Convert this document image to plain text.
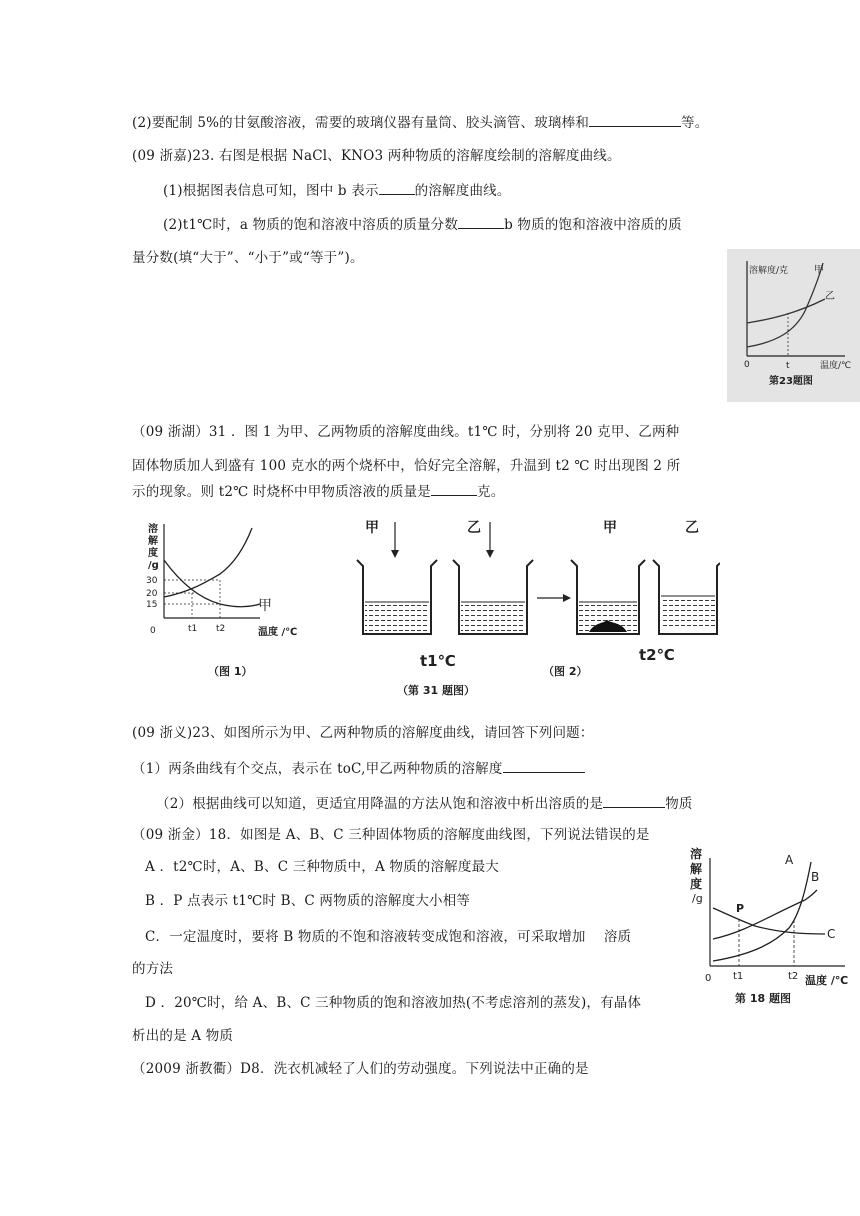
(2)要配制 5%的甘氨酸溶液，需要的玻璃仪器有量筒、胶头滴管、玻璃棒和	等。
(09 浙嘉)23. 右图是根据 NaCl、KNO3 两种物质的溶解度绘制的溶解度曲线。
(1)根据图表信息可知，图中 b 表示	的溶解度曲线。
(2)t1℃时，a 物质的饱和溶液中溶质的质量分数	b 物质的饱和溶液中溶质的质
量分数(填“大于”、“小于”或“等于”)。
溶解度/克	甲
乙
0	t	温度/℃
第23题图
（09 浙湖）31 ．图 1 为甲、乙两物质的溶解度曲线。t1℃ 时，分别将 20 克甲、乙两种
固体物质加人到盛有 100 克水的两个烧杯中，恰好完全溶解，升温到 t2 ℃ 时出现图 2 所
示的现象。则 t2℃ 时烧杯中甲物质溶液的质量是	克。
溶
解
度
/g
30
20
15
0	t1 t2	温度 /℃
甲
（图 1）
甲	乙	甲	乙
t1℃	t2℃
（图 2）
（第 31 题图）
(09 浙义)23、如图所示为甲、乙两种物质的溶解度曲线，请回答下列问题：
（1）两条曲线有个交点，表示在 toC,甲乙两种物质的溶解度
（2）根据曲线可以知道，更适宜用降温的方法从饱和溶液中析出溶质的是	物质
（09 浙金）18．如图是 A、B、C 三种固体物质的溶解度曲线图，下列说法错误的是
A ．t2℃时，A、B、C 三种物质中，A 物质的溶解度最大
B ．P 点表示 t1℃时 B、C 两物质的溶解度大小相等
C．一定温度时，要将 B 物质的不饱和溶液转变成饱和溶液，可采取增加　 溶质
的方法
D ．20℃时，给 A、B、C 三种物质的饱和溶液加热(不考虑溶剂的蒸发)，有晶体
析出的是 A 物质
溶
解
度
/g
A
B
C
P
0 t1	t2 温度 /℃
第 18 题图
（2009 浙教衢）D8．洗衣机减轻了人们的劳动强度。下列说法中正确的是
